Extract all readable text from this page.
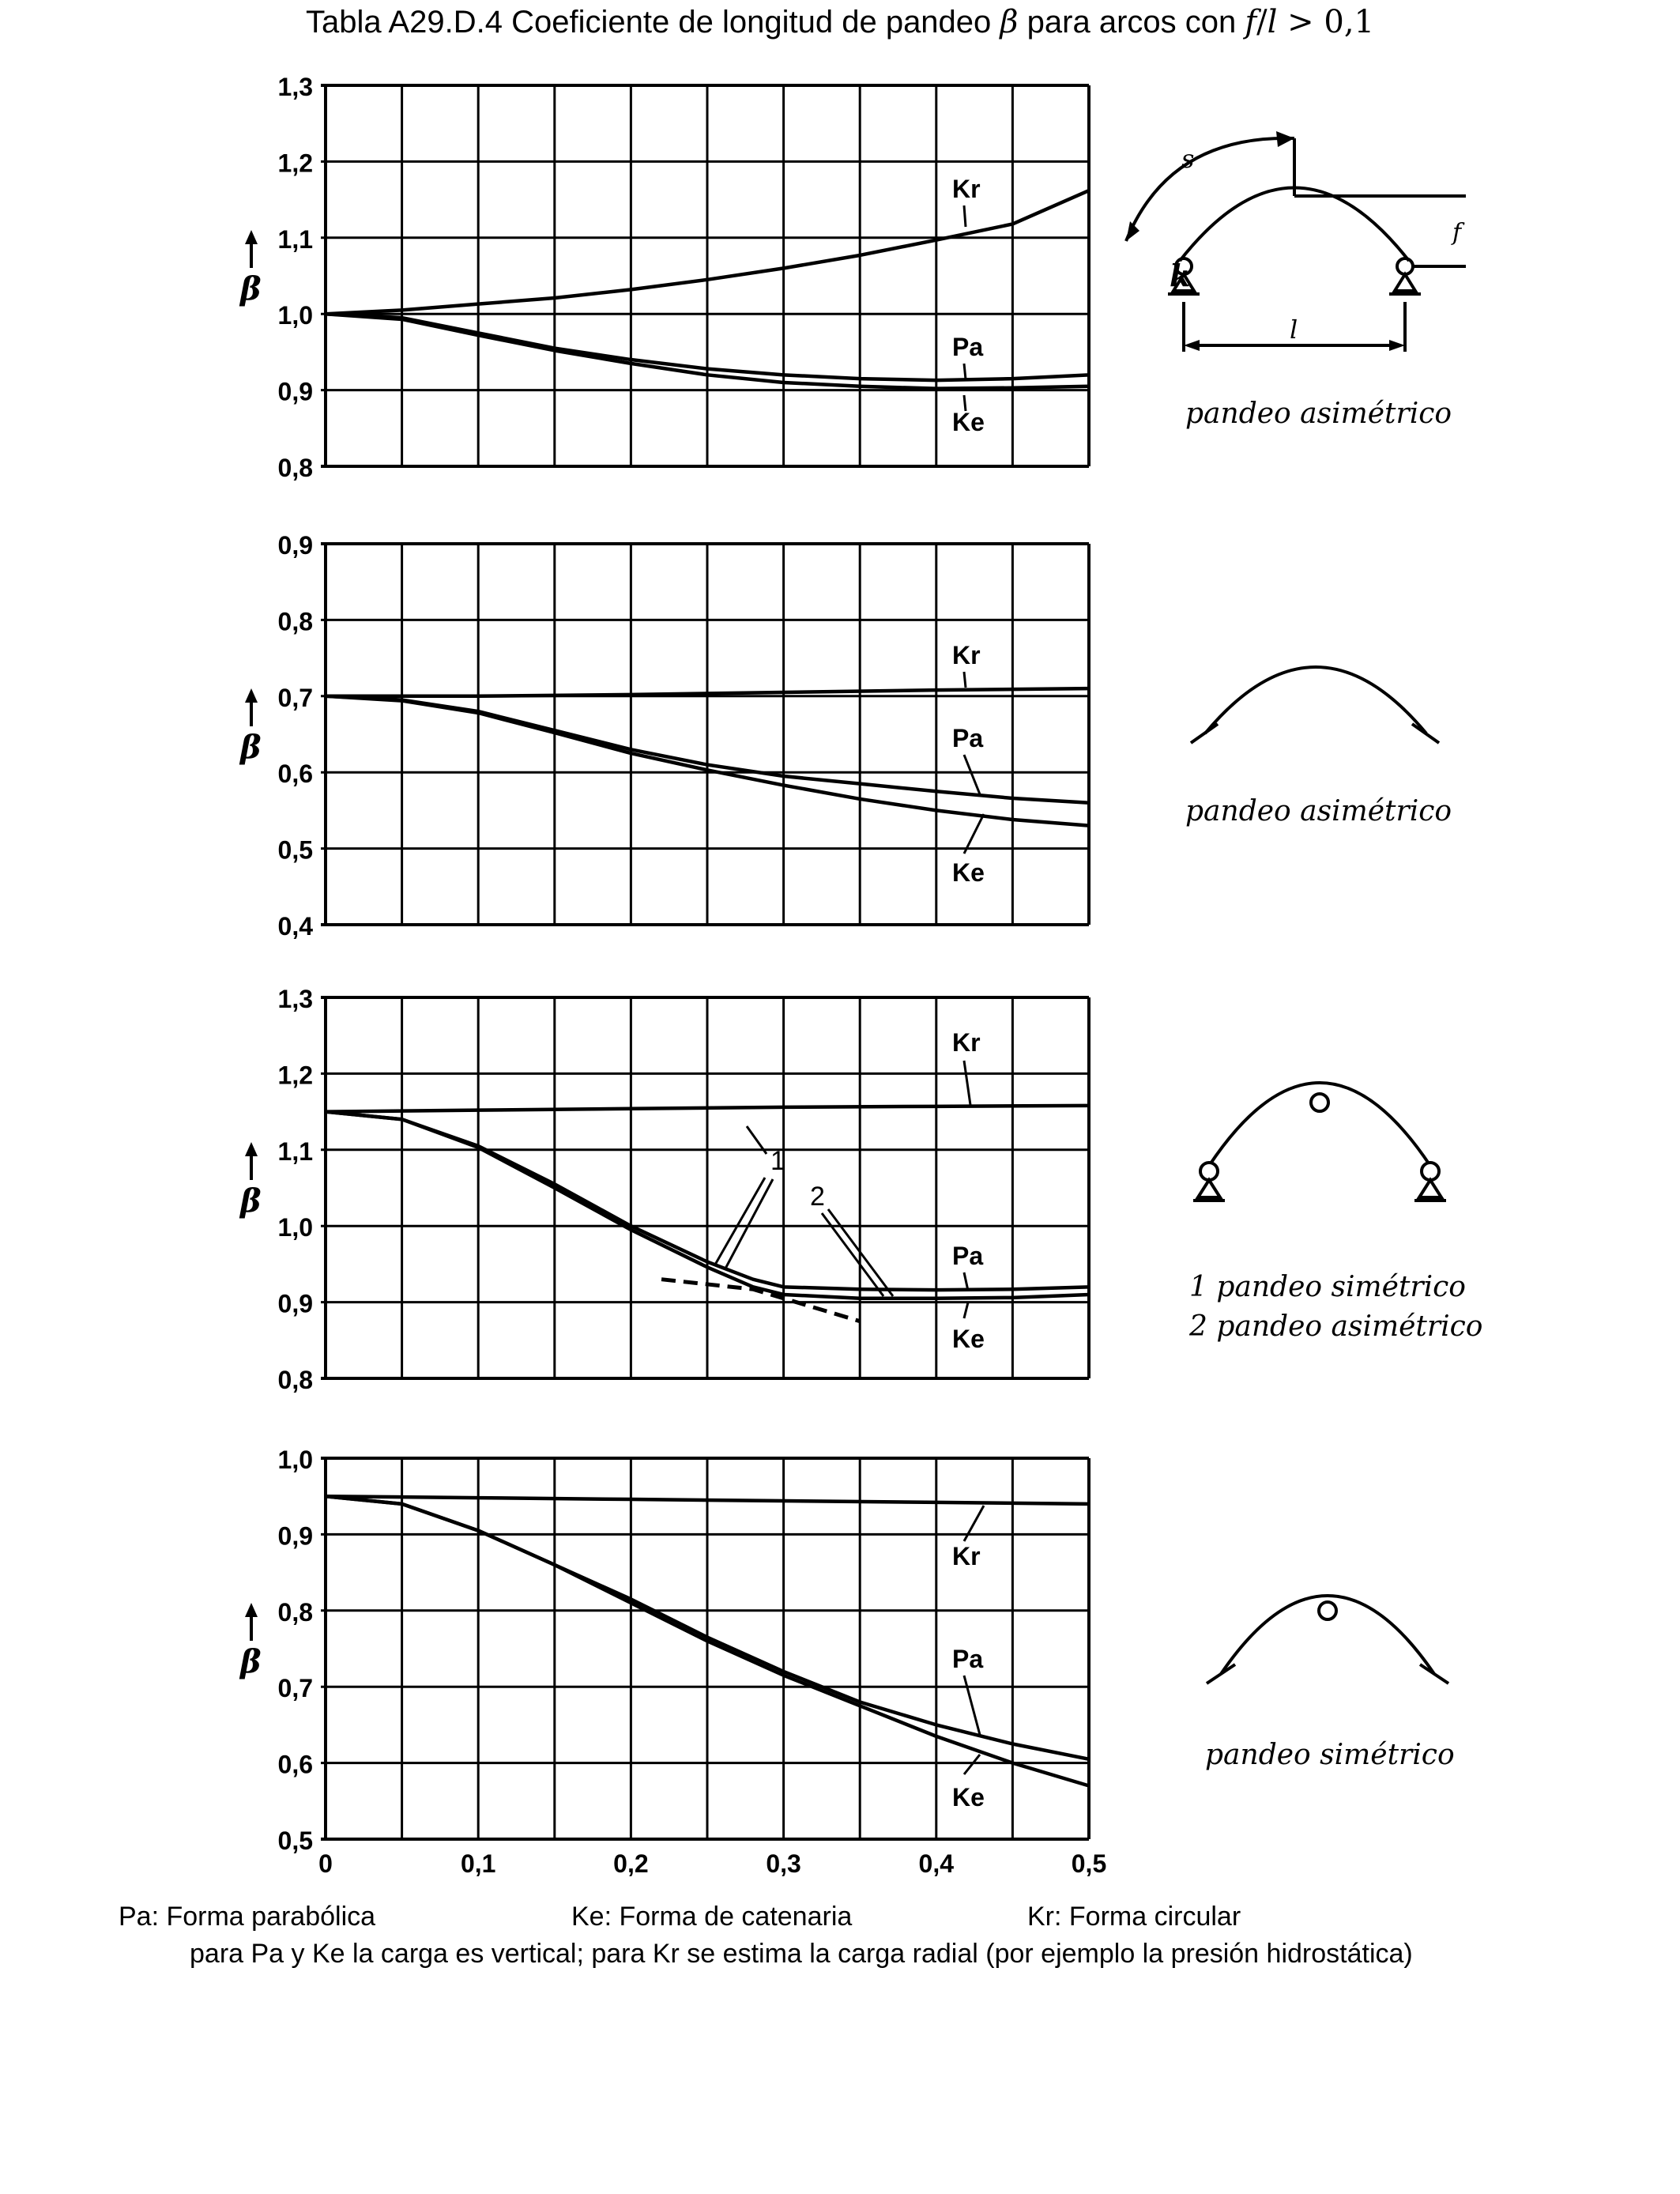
Tabla A29.D.4 Coeficiente de longitud de pandeo β para arcos con f/l > 0,1
0,8
0,9
1,0
1,1
1,2
1,3
β
Kr
Pa
Ke
0,4
0,5
0,6
0,7
0,8
0,9
β
Kr
Pa
Ke
0,8
0,9
1,0
1,1
1,2
1,3
β
Kr
Pa
Ke
1
2
0,5
0,6
0,7
0,8
0,9
1,0
β
0	0,1	0,2	0,3	0,4	0,5
Kr
Pa
Ke
k
l
s
f
pandeo asimétrico
pandeo asimétrico
1 pandeo simétrico
2 pandeo asimétrico
pandeo simétrico
Pa: Forma parabólica	Ke: Forma de catenaria	Kr: Forma circular
para Pa y Ke la carga es vertical; para Kr se estima la carga radial (por ejemplo la presión hidrostática)
